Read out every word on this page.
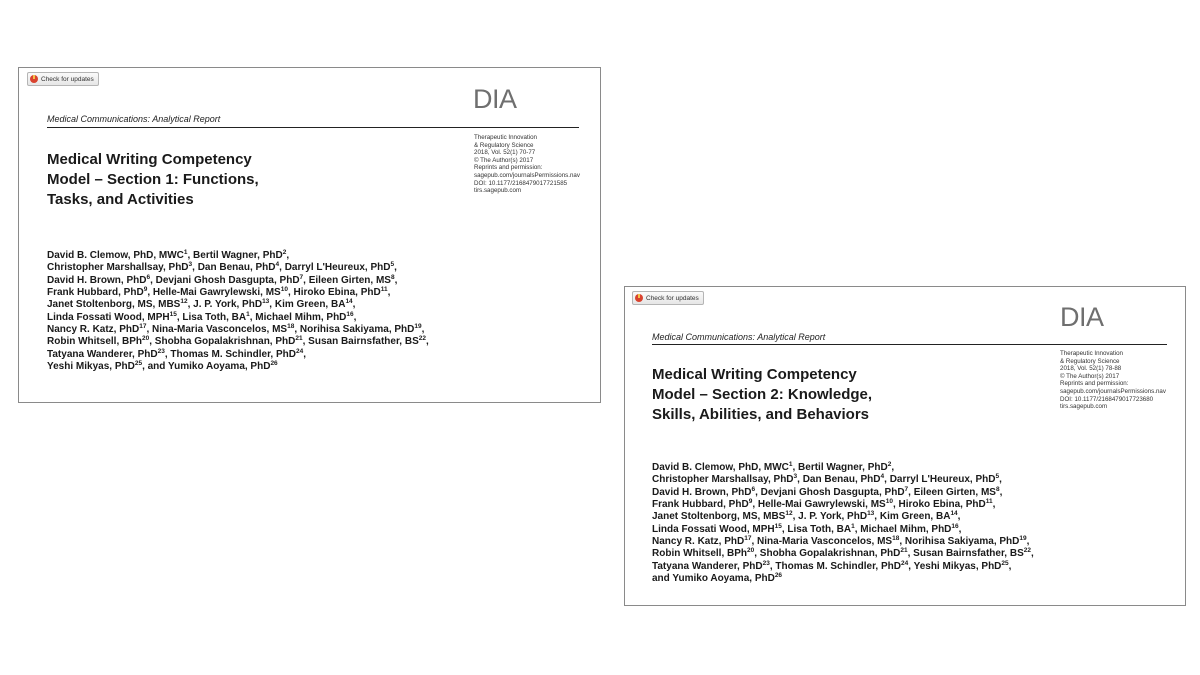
Check for updates
Medical Communications: Analytical Report
DIA
Therapeutic Innovation
& Regulatory Science
2018, Vol. 52(1) 70-77
© The Author(s) 2017
Reprints and permission:
sagepub.com/journalsPermissions.nav
DOI: 10.1177/2168479017721585
tirs.sagepub.com
Medical Writing Competency
Model – Section 1: Functions,
Tasks, and Activities
David B. Clemow, PhD, MWC$^1$, Bertil Wagner, PhD$^2$,
Christopher Marshallsay, PhD$^3$, Dan Benau, PhD$^4$, Darryl L'Heureux, PhD$^5$,
David H. Brown, PhD$^6$, Devjani Ghosh Dasgupta, PhD$^7$, Eileen Girten, $MS^8$,
Frank Hubbard, PhD$^9$, Helle-Mai Gawrylewski, MS$^{10}$, Hiroko Ebina, PhD$^{11}$,
Janet Stoltenborg, MS, MBS$^{12}$, J. P. York, PhD$^{13}$, Kim Green, BA$^{14}$,
Linda Fossati Wood, MPH$^{15}$, Lisa Toth, $BA^1$, Michael Mihm, PhD$^{16}$,
Nancy R. Katz, PhD$^{17}$, Nina-Maria Vasconcelos, MS$^{18}$, Norihisa Sakiyama, PhD$^{19}$,
Robin Whitsell, BPh$^{20}$, Shobha Gopalakrishnan, PhD$^{21}$, Susan Bairnsfather, BS$^{22}$,
Tatyana Wanderer, PhD$^{23}$, Thomas M. Schindler, PhD$^{24}$,
Yeshi Mikyas, PhD$^{25}$, and Yumiko Aoyama, PhD$^{26}$
Check for updates
Medical Communications: Analytical Report
DIA
Therapeutic Innovation
& Regulatory Science
2018, Vol. 52(1) 78-88
© The Author(s) 2017
Reprints and permission:
sagepub.com/journalsPermissions.nav
DOI: 10.1177/2168479017723680
tirs.sagepub.com
Medical Writing Competency
Model – Section 2: Knowledge,
Skills, Abilities, and Behaviors
David B. Clemow, PhD, MWC$^1$, Bertil Wagner, PhD$^2$,
Christopher Marshallsay, PhD$^3$, Dan Benau, PhD$^4$, Darryl L'Heureux, PhD$^5$,
David H. Brown, PhD$^6$, Devjani Ghosh Dasgupta, PhD$^7$, Eileen Girten, $MS^8$,
Frank Hubbard, PhD$^9$, Helle-Mai Gawrylewski, MS$^{10}$, Hiroko Ebina, PhD$^{11}$,
Janet Stoltenborg, MS, MBS$^{12}$, J. P. York, PhD$^{13}$, Kim Green, BA$^{14}$,
Linda Fossati Wood, MPH$^{15}$, Lisa Toth, $BA^1$, Michael Mihm, PhD$^{16}$,
Nancy R. Katz, PhD$^{17}$, Nina-Maria Vasconcelos, MS$^{18}$, Norihisa Sakiyama, PhD$^{19}$,
Robin Whitsell, BPh$^{20}$, Shobha Gopalakrishnan, PhD$^{21}$, Susan Bairnsfather, BS$^{22}$,
Tatyana Wanderer, PhD$^{23}$, Thomas M. Schindler, PhD$^{24}$, Yeshi Mikyas, PhD$^{25}$,
and Yumiko Aoyama, PhD$^{26}$
